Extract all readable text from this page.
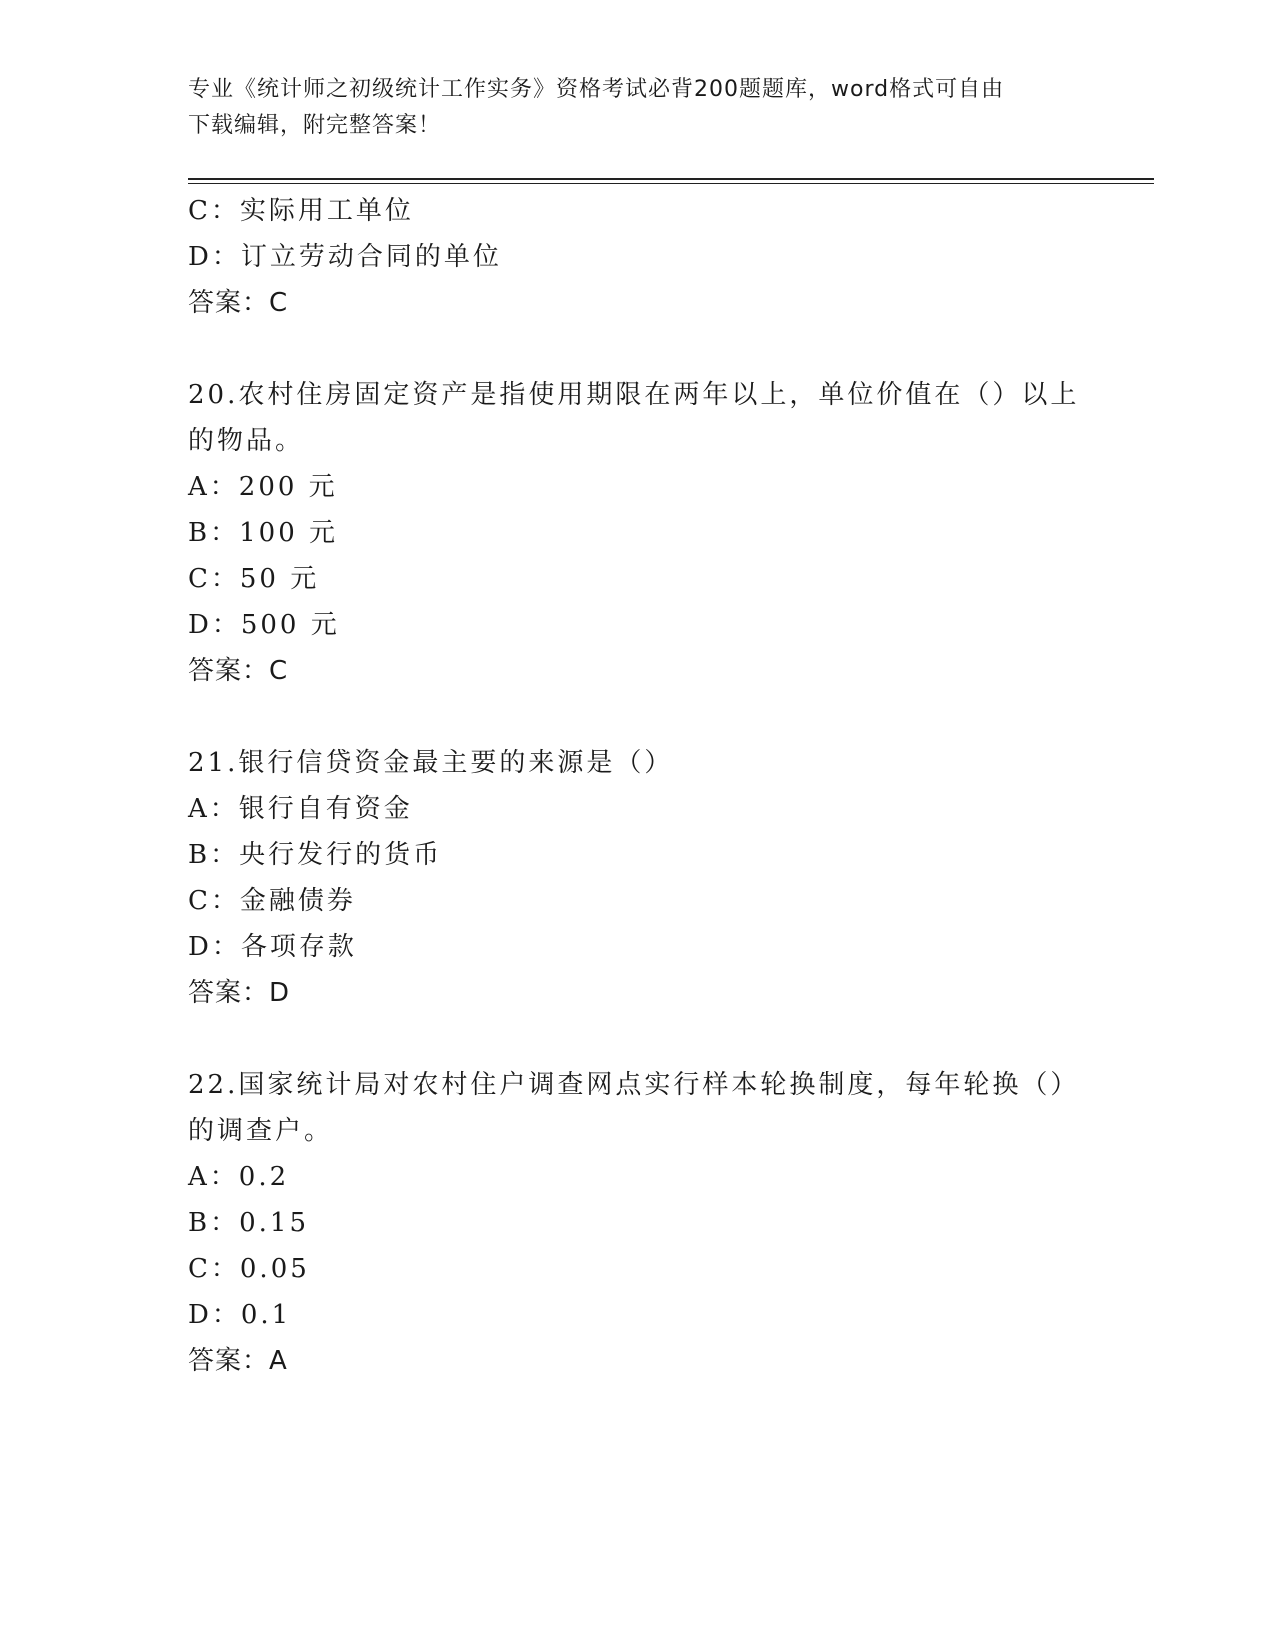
专业《统计师之初级统计工作实务》资格考试必背200题题库，word格式可自由
下载编辑，附完整答案！
C：实际用工单位
D：订立劳动合同的单位
答案：C
20.农村住房固定资产是指使用期限在两年以上，单位价值在（）以上
的物品。
A：200 元
B：100 元
C：50 元
D：500 元
答案：C
21.银行信贷资金最主要的来源是（）
A：银行自有资金
B：央行发行的货币
C：金融债券
D：各项存款
答案：D
22.国家统计局对农村住户调查网点实行样本轮换制度，每年轮换（）
的调查户。
A：0.2
B：0.15
C：0.05
D：0.1
答案：A
